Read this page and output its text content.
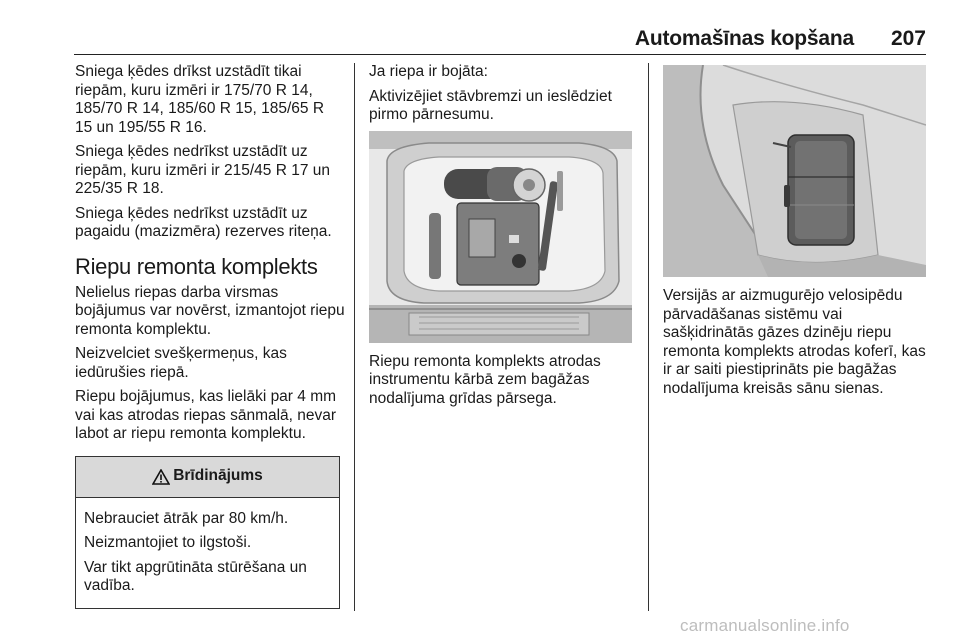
Automašīnas kopšana 207

Sniega ķēdes drīkst uzstādīt tikai riepām, kuru izmēri ir 175/70 R 14, 185/70 R 14, 185/60 R 15, 185/65 R 15 un 195/55 R 16.

Sniega ķēdes nedrīkst uzstādīt uz riepām, kuru izmēri ir 215/45 R 17 un 225/35 R 18.

Sniega ķēdes nedrīkst uzstādīt uz pagaidu (mazizmēra) rezerves riteņa.

Riepu remonta komplekts

Nelielus riepas darba virsmas bojājumus var novērst, izmantojot riepu remonta komplektu.

Neizvelciet svešķermeņus, kas iedūrušies riepā.

Riepu bojājumus, kas lielāki par 4 mm vai kas atrodas riepas sānmalā, nevar labot ar riepu remonta komplektu.

Brīdinājums

Nebrauciet ātrāk par 80 km/h.

Neizmantojiet to ilgstoši.

Var tikt apgrūtināta stūrēšana un vadība.

Ja riepa ir bojāta:

Aktivizējiet stāvbremzi un ieslēdziet pirmo pārnesumu.

Riepu remonta komplekts atrodas instrumentu kārbā zem bagāžas nodalījuma grīdas pārsega.

Versijās ar aizmugurējo velosipēdu pārvadāšanas sistēmu vai sašķidrinātās gāzes dzinēju riepu remonta komplekts atrodas koferī, kas ir ar saiti piestiprināts pie bagāžas nodalījuma kreisās sānu sienas.

carmanualsonline.info
